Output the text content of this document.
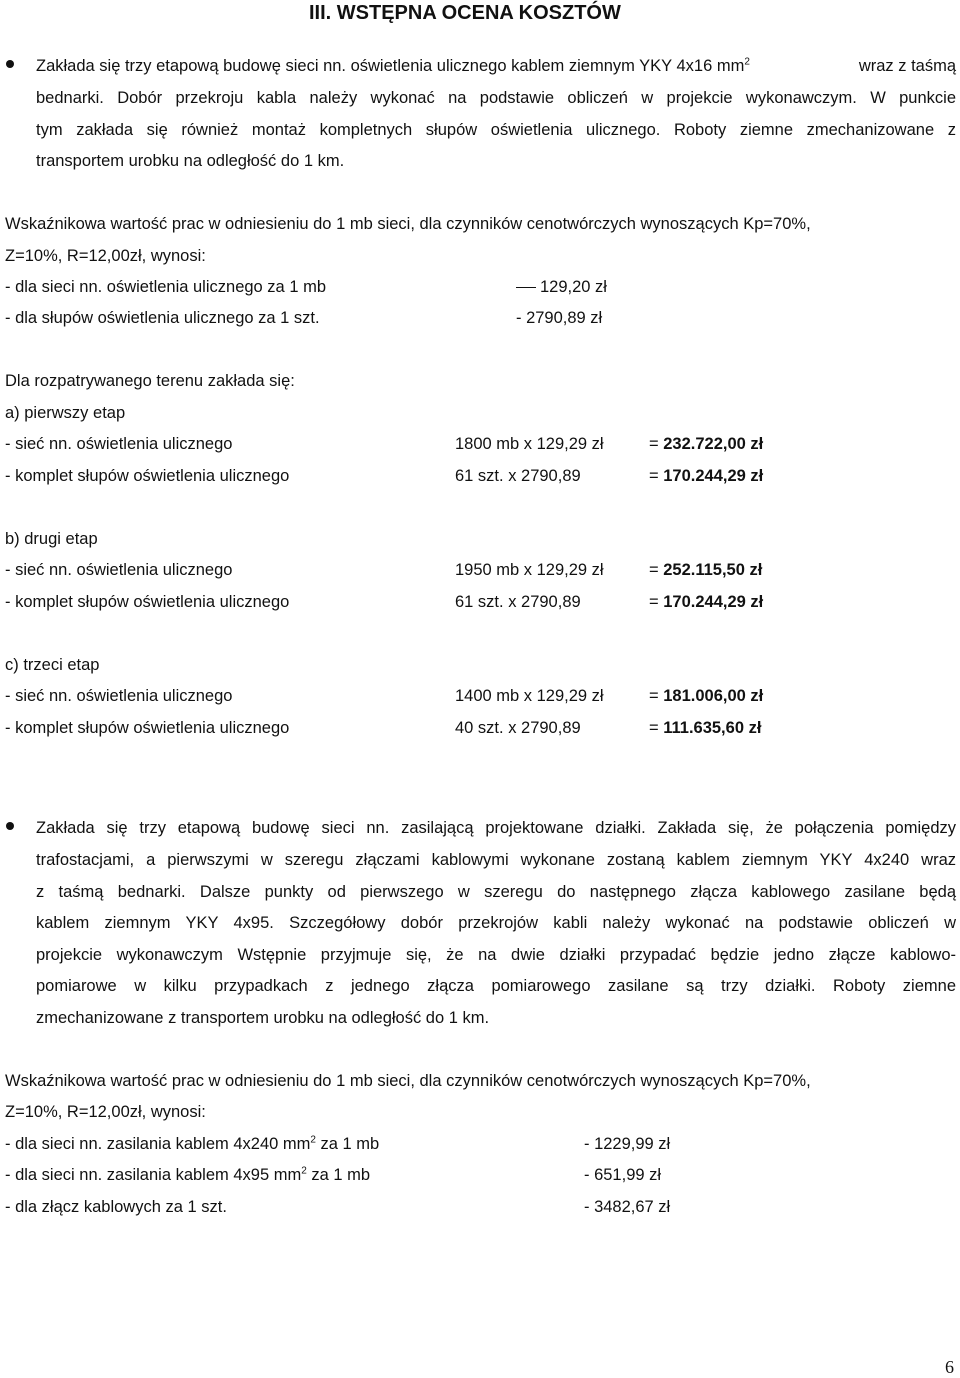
III. WSTĘPNA OCENA KOSZTÓW
Zakłada się trzy etapową budowę sieci nn. oświetlenia ulicznego kablem ziemnym YKY 4x16 $mm^2$	wraz z taśmą
bednarki. Dobór przekroju kabla należy wykonać na podstawie obliczeń w projekcie wykonawczym. W punkcie
tym zakłada się również montaż kompletnych słupów oświetlenia ulicznego. Roboty ziemne zmechanizowane z
transportem urobku na odległość do 1 km.
Wskaźnikowa wartość prac w odniesieniu do 1 mb sieci, dla czynników cenotwórczych wynoszących Kp=70%,
Z=10%, R=12,00zł, wynosi:
- dla sieci nn. oświetlenia ulicznego za 1 mb	129,20 zł
- dla słupów oświetlenia ulicznego za 1 szt.	- 2790,89 zł
Dla rozpatrywanego terenu zakłada się:
a) pierwszy etap
- sieć nn. oświetlenia ulicznego	1800 mb x 129,29 zł	= 232.722,00 zł
- komplet słupów oświetlenia ulicznego	61 szt. x 2790,89	= 170.244,29 zł
b) drugi etap
- sieć nn. oświetlenia ulicznego	1950 mb x 129,29 zł	= 252.115,50 zł
- komplet słupów oświetlenia ulicznego	61 szt. x 2790,89	= 170.244,29 zł
c) trzeci etap
- sieć nn. oświetlenia ulicznego	1400 mb x 129,29 zł	= 181.006,00 zł
- komplet słupów oświetlenia ulicznego	40 szt. x 2790,89	= 111.635,60 zł
Zakłada się trzy etapową budowę sieci nn. zasilającą projektowane działki. Zakłada się, że połączenia pomiędzy
trafostacjami, a pierwszymi w szeregu złączami kablowymi wykonane zostaną kablem ziemnym YKY 4x240 wraz
z taśmą bednarki. Dalsze punkty od pierwszego w szeregu do następnego złącza kablowego zasilane będą
kablem ziemnym YKY 4x95. Szczegółowy dobór przekrojów kabli należy wykonać na podstawie obliczeń w
projekcie wykonawczym Wstępnie przyjmuje się, że na dwie działki przypadać będzie jedno złącze kablowo-
pomiarowe w kilku przypadkach z jednego złącza pomiarowego zasilane są trzy działki. Roboty ziemne
zmechanizowane z transportem urobku na odległość do 1 km.
Wskaźnikowa wartość prac w odniesieniu do 1 mb sieci, dla czynników cenotwórczych wynoszących Kp=70%,
Z=10%, R=12,00zł, wynosi:
- dla sieci nn. zasilania kablem 4x240 $mm^2$ za 1 mb	- 1229,99 zł
- dla sieci nn. zasilania kablem 4x95 $mm^2$ za 1 mb	- 651,99 zł
- dla złącz kablowych za 1 szt.	- 3482,67 zł
6
